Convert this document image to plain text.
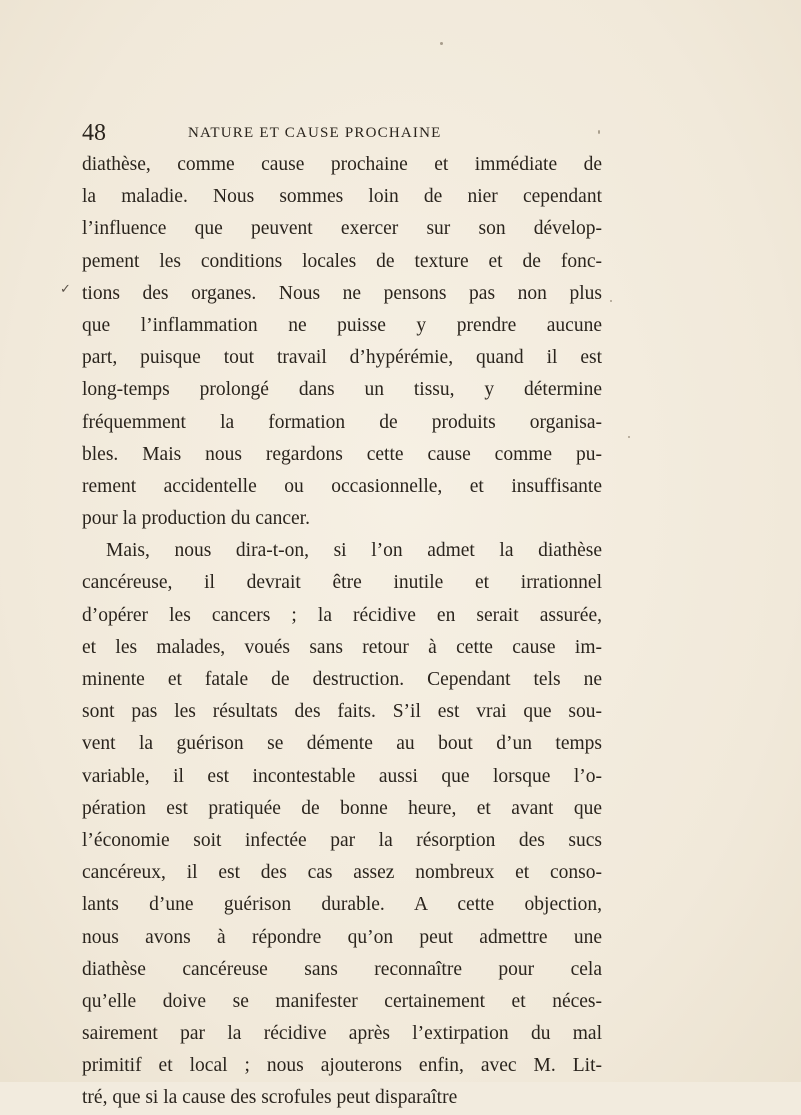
48	NATURE ET CAUSE PROCHAINE
✓
diathèse, comme cause prochaine et immédiate de
la maladie. Nous sommes loin de nier cependant
l’influence que peuvent exercer sur son dévelop-
pement les conditions locales de texture et de fonc-
tions des organes. Nous ne pensons pas non plus
que l’inflammation ne puisse y prendre aucune
part, puisque tout travail d’hypérémie, quand il est
long-temps prolongé dans un tissu, y détermine
fréquemment la formation de produits organisa-
bles. Mais nous regardons cette cause comme pu-
rement accidentelle ou occasionnelle, et insuffisante
pour la production du cancer.
Mais, nous dira-t-on, si l’on admet la diathèse
cancéreuse, il devrait être inutile et irrationnel
d’opérer les cancers ; la récidive en serait assurée,
et les malades, voués sans retour à cette cause im-
minente et fatale de destruction. Cependant tels ne
sont pas les résultats des faits. S’il est vrai que sou-
vent la guérison se démente au bout d’un temps
variable, il est incontestable aussi que lorsque l’o-
pération est pratiquée de bonne heure, et avant que
l’économie soit infectée par la résorption des sucs
cancéreux, il est des cas assez nombreux et conso-
lants d’une guérison durable. A cette objection,
nous avons à répondre qu’on peut admettre une
diathèse cancéreuse sans reconnaître pour cela
qu’elle doive se manifester certainement et néces-
sairement par la récidive après l’extirpation du mal
primitif et local ; nous ajouterons enfin, avec M. Lit-
tré, que si la cause des scrofules peut disparaître
